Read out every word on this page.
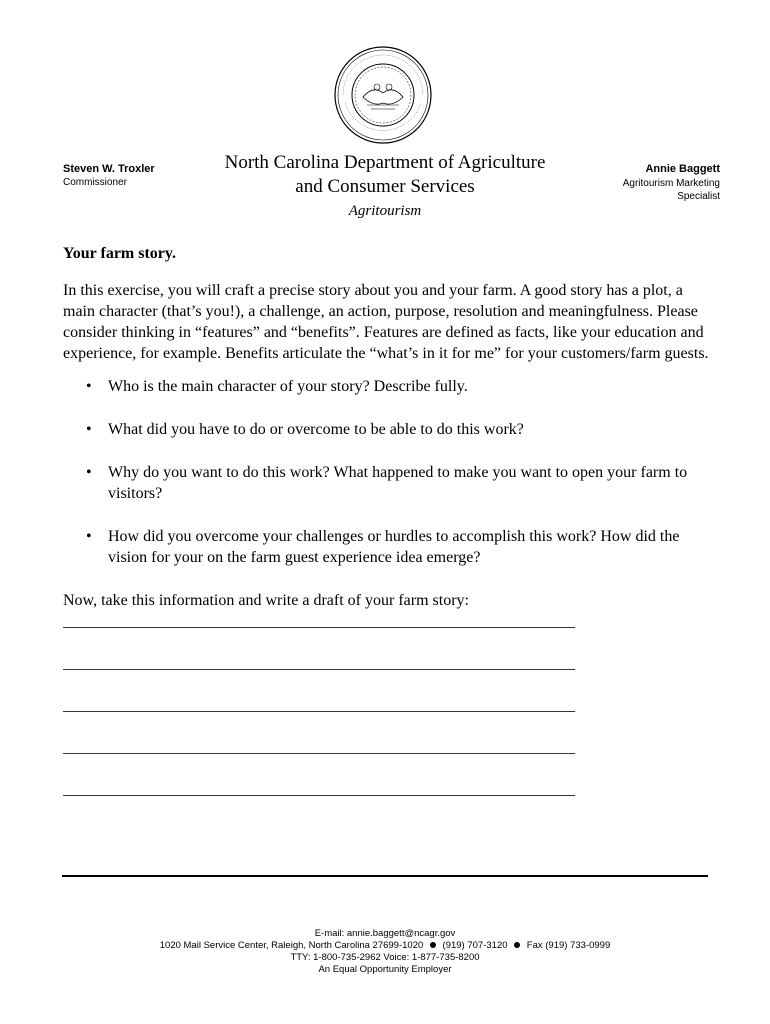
Steven W. Troxler
Commissioner
North Carolina Department of Agriculture
and Consumer Services
Agritourism
Annie Baggett
Agritourism Marketing
Specialist
Your farm story.

In this exercise, you will craft a precise story about you and your farm. A good story has a plot, a main character (that’s you!), a challenge, an action, purpose, resolution and meaningfulness. Please consider thinking in “features” and “benefits”. Features are defined as facts, like your education and experience, for example. Benefits articulate the “what’s in it for me” for your customers/farm guests.

• Who is the main character of your story? Describe fully.
• What did you have to do or overcome to be able to do this work?
• Why do you want to do this work? What happened to make you want to open your farm to visitors?
• How did you overcome your challenges or hurdles to accomplish this work? How did the vision for your on the farm guest experience idea emerge?

Now, take this information and write a draft of your farm story:

________________________________________________________________
________________________________________________________________
________________________________________________________________
________________________________________________________________
________________________________________________________________
E-mail: annie.baggett@ncagr.gov
1020 Mail Service Center, Raleigh, North Carolina 27699-1020 (919) 707-3120 Fax (919) 733-0999
TTY: 1-800-735-2962 Voice: 1-877-735-8200
An Equal Opportunity Employer
